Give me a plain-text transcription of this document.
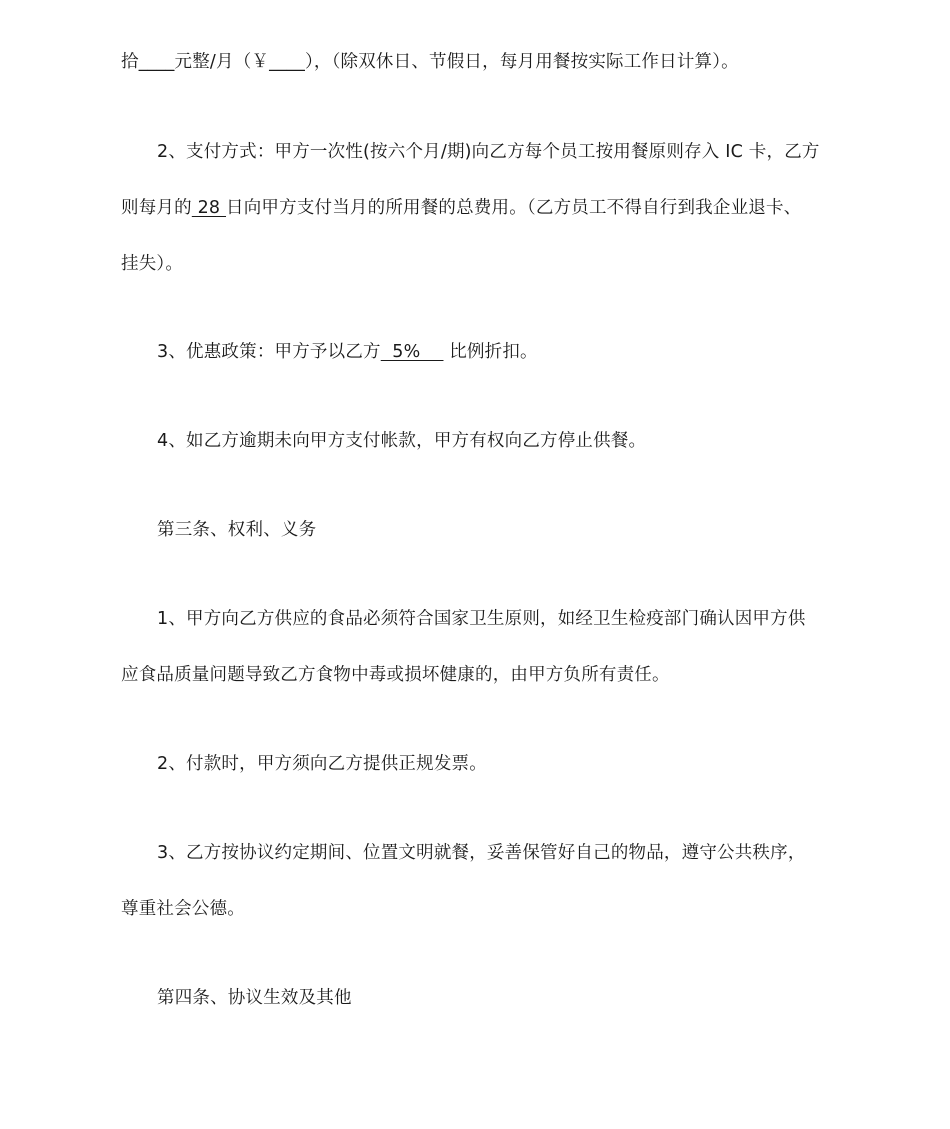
拾____元整/月（￥____），（除双休日、节假日，每月用餐按实际工作日计算）。
2、支付方式：甲方一次性(按六个月/期)向乙方每个员工按用餐原则存入 IC 卡，乙方
则每月的 28 日向甲方支付当月的所用餐的总费用。（乙方员工不得自行到我企业退卡、
挂失）。
3、优惠政策：甲方予以乙方  5%     比例折扣。
4、如乙方逾期未向甲方支付帐款，甲方有权向乙方停止供餐。
第三条、权利、义务
1、甲方向乙方供应的食品必须符合国家卫生原则，如经卫生检疫部门确认因甲方供
应食品质量问题导致乙方食物中毒或损坏健康的，由甲方负所有责任。
2、付款时，甲方须向乙方提供正规发票。
3、乙方按协议约定期间、位置文明就餐，妥善保管好自己的物品，遵守公共秩序，
尊重社会公德。
第四条、协议生效及其他
